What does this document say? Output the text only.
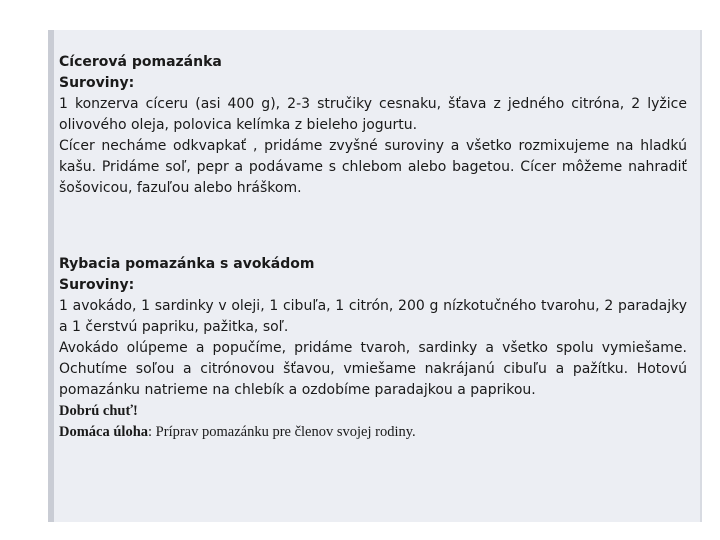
Cícerová pomazánka

Suroviny:

1 konzerva cíceru (asi 400 g), 2-3 stručiky cesnaku, šťava z jedného citróna, 2 lyžice olivového oleja, polovica kelímka z bieleho jogurtu.

Cícer necháme odkvapkať , pridáme zvyšné suroviny a všetko rozmixujeme na hladkú kašu. Pridáme soľ, pepr a podávame s chlebom alebo bagetou. Cícer môžeme nahradiť šošovicou, fazuľou alebo hráškom.

Rybacia pomazánka s avokádom

Suroviny:

1 avokádo, 1 sardinky v oleji, 1 cibuľa, 1 citrón, 200 g nízkotučného tvarohu, 2 paradajky a 1 čerstvú papriku, pažitka, soľ.

Avokádo olúpeme a popučíme, pridáme tvaroh, sardinky a všetko spolu vymiešame. Ochutíme soľou a citrónovou šťavou, vmiešame nakrájanú cibuľu a pažítku. Hotovú pomazánku natrieme na chlebík a ozdobíme paradajkou a paprikou.

Dobrú chuť!

Domáca úloha: Príprav pomazánku pre členov svojej rodiny.
